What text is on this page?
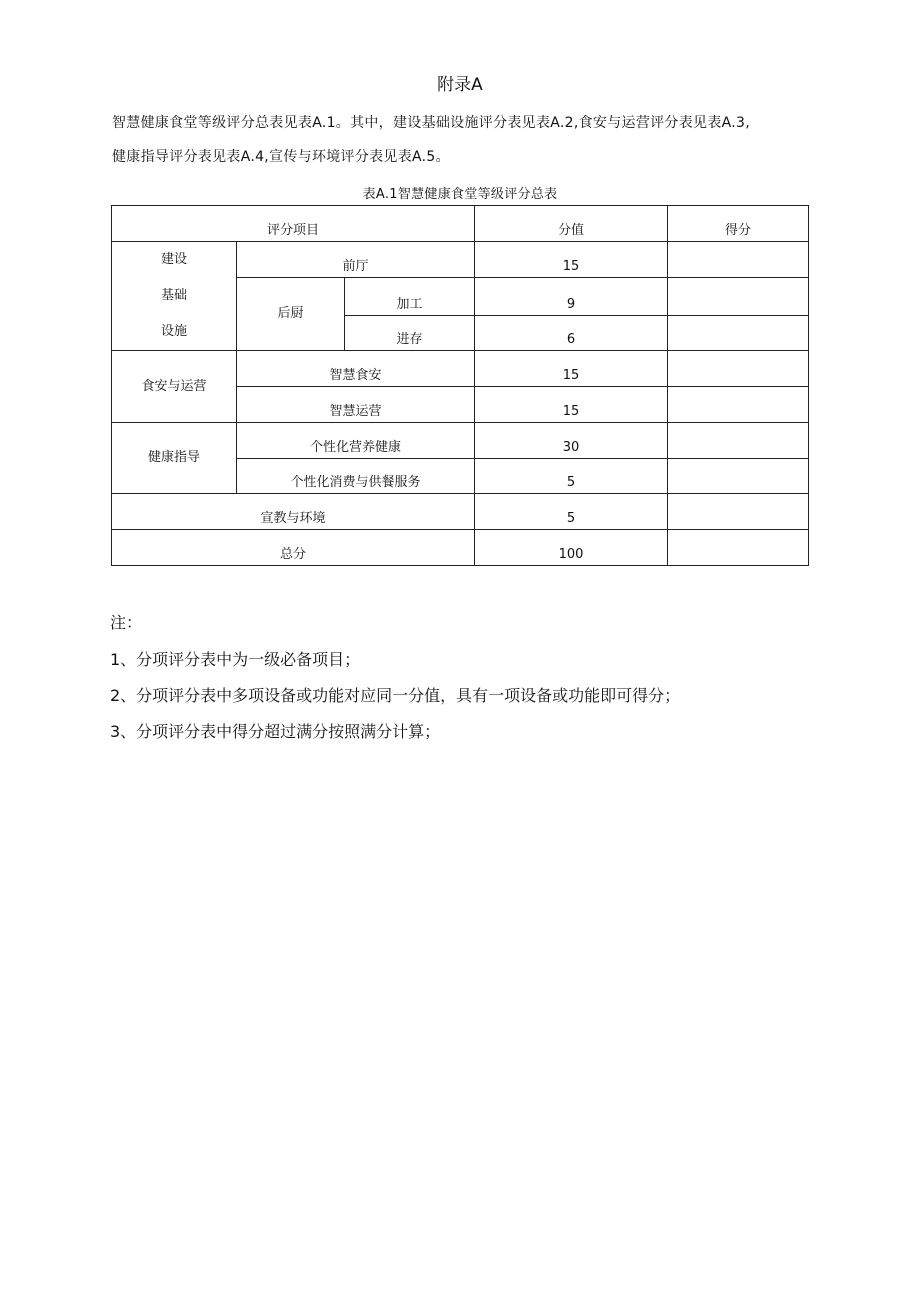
附录A
智慧健康食堂等级评分总表见表A.1。其中，建设基础设施评分表见表A.2,食安与运营评分表见表A.3,
健康指导评分表见表A.4,宣传与环境评分表见表A.5。
表A.1智慧健康食堂等级评分总表
评分项目			分值	得分

建设
基础
设施	前厅		15	
	后厨	加工	9	
		进存	6	
食安与运营	智慧食安		15	
	智慧运营		15	
健康指导	个性化营养健康		30	
	个性化消费与供餐服务		5	
宣教与环境			5	
总分			100	
注：
1、分项评分表中为一级必备项目；
2、分项评分表中多项设备或功能对应同一分值，具有一项设备或功能即可得分；
3、分项评分表中得分超过满分按照满分计算；
